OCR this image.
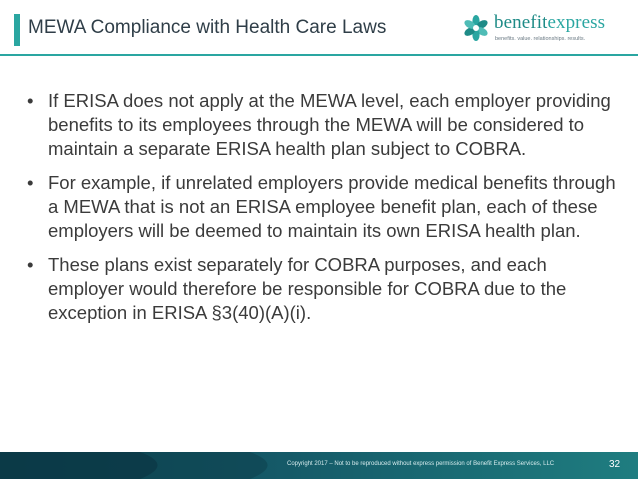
MEWA Compliance with Health Care Laws	benefitexpress
benefits. value. relationships. results.
• If ERISA does not apply at the MEWA level, each employer providing benefits to its employees through the MEWA will be considered to maintain a separate ERISA health plan subject to COBRA.
• For example, if unrelated employers provide medical benefits through a MEWA that is not an ERISA employee benefit plan, each of these employers will be deemed to maintain its own ERISA health plan.
• These plans exist separately for COBRA purposes, and each employer would therefore be responsible for COBRA due to the exception in ERISA §3(40)(A)(i).
Copyright 2017 – Not to be reproduced without express permission of Benefit Express Services, LLC	32
